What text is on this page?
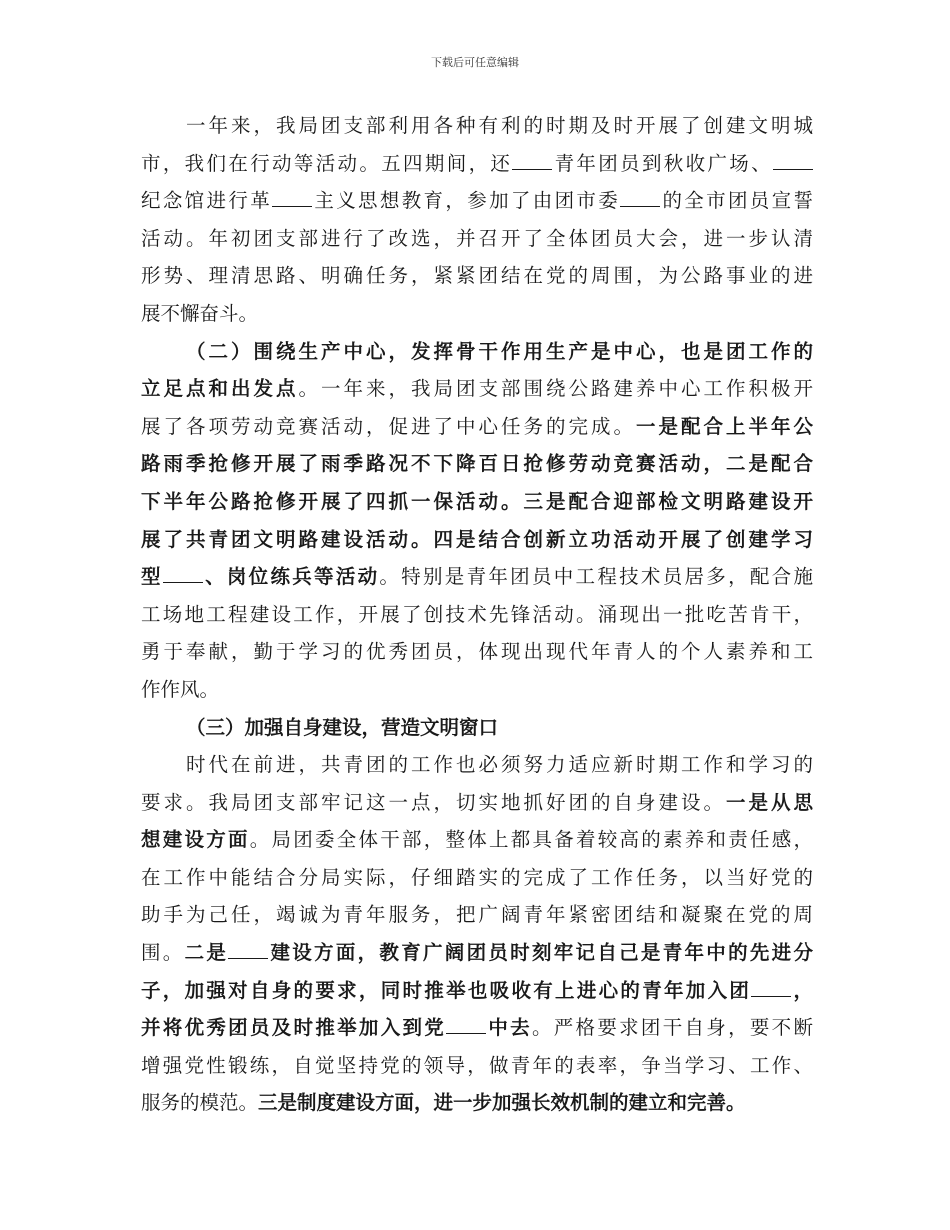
下载后可任意编辑
一年来，我局团支部利用各种有利的时期及时开展了创建文明城
市，我们在行动等活动。五四期间，还 青年团员到秋收广场、
纪念馆进行革 主义思想教育，参加了由团市委 的全市团员宣誓
活动。年初团支部进行了改选，并召开了全体团员大会，进一步认清
形势、理清思路、明确任务，紧紧团结在党的周围，为公路事业的进
展不懈奋斗。
（二）围绕生产中心，发挥骨干作用生产是中心，也是团工作的
立足点和出发点。一年来，我局团支部围绕公路建养中心工作积极开
展了各项劳动竞赛活动，促进了中心任务的完成。一是配合上半年公
路雨季抢修开展了雨季路况不下降百日抢修劳动竞赛活动，二是配合
下半年公路抢修开展了四抓一保活动。三是配合迎部检文明路建设开
展了共青团文明路建设活动。四是结合创新立功活动开展了创建学习
型 、岗位练兵等活动。特别是青年团员中工程技术员居多，配合施
工场地工程建设工作，开展了创技术先锋活动。涌现出一批吃苦肯干，
勇于奉献，勤于学习的优秀团员，体现出现代年青人的个人素养和工
作作风。
（三）加强自身建设，营造文明窗口
时代在前进，共青团的工作也必须努力适应新时期工作和学习的
要求。我局团支部牢记这一点，切实地抓好团的自身建设。一是从思
想建设方面。局团委全体干部，整体上都具备着较高的素养和责任感，
在工作中能结合分局实际，仔细踏实的完成了工作任务，以当好党的
助手为己任，竭诚为青年服务，把广阔青年紧密团结和凝聚在党的周
围。二是 建设方面，教育广阔团员时刻牢记自己是青年中的先进分
子，加强对自身的要求，同时推举也吸收有上进心的青年加入团 ，
并将优秀团员及时推举加入到党 中去。严格要求团干自身，要不断
增强党性锻练，自觉坚持党的领导，做青年的表率，争当学习、工作、
服务的模范。三是制度建设方面，进一步加强长效机制的建立和完善。
